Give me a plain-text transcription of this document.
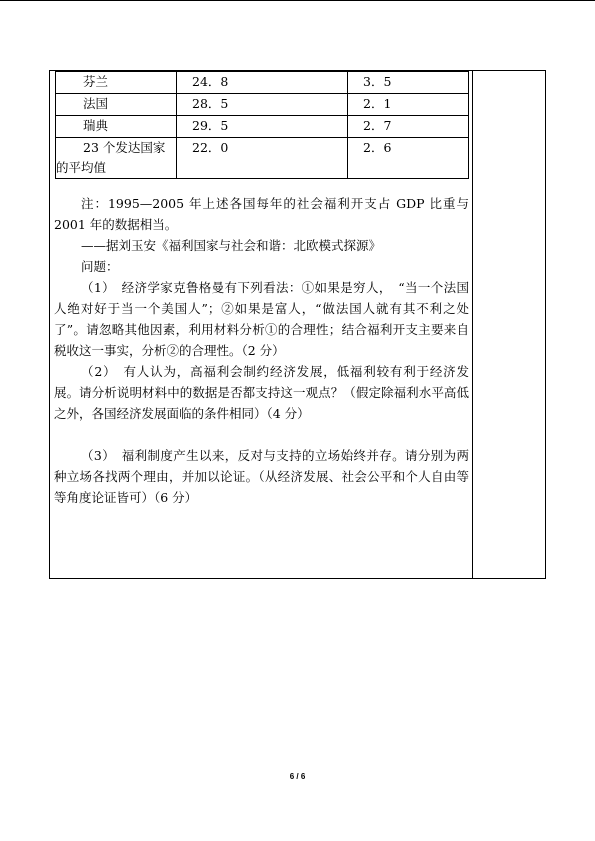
芬兰	24．8	3．5
法国	28．5	2．1
瑞典	29．5	2．7
23 个发达国家的平均值	22．0	2．6

注：1995—2005 年上述各国每年的社会福利开支占 GDP 比重与 2001 年的数据相当。

——据刘玉安《福利国家与社会和谐：北欧模式探源》

问题：

（1）　经济学家克鲁格曼有下列看法：①如果是穷人，　“当一个法国人绝对好于当一个美国人”；②如果是富人，“做法国人就有其不利之处了”。请忽略其他因素，利用材料分析①的合理性；结合福利开支主要来自税收这一事实，分析②的合理性。（2 分）

（2）　有人认为，高福利会制约经济发展，低福利较有利于经济发展。请分析说明材料中的数据是否都支持这一观点？（假定除福利水平高低之外，各国经济发展面临的条件相同）（4 分）

（3）　福利制度产生以来，反对与支持的立场始终并存。请分别为两种立场各找两个理由，并加以论证。（从经济发展、社会公平和个人自由等等角度论证皆可）（6 分）

6 / 6
